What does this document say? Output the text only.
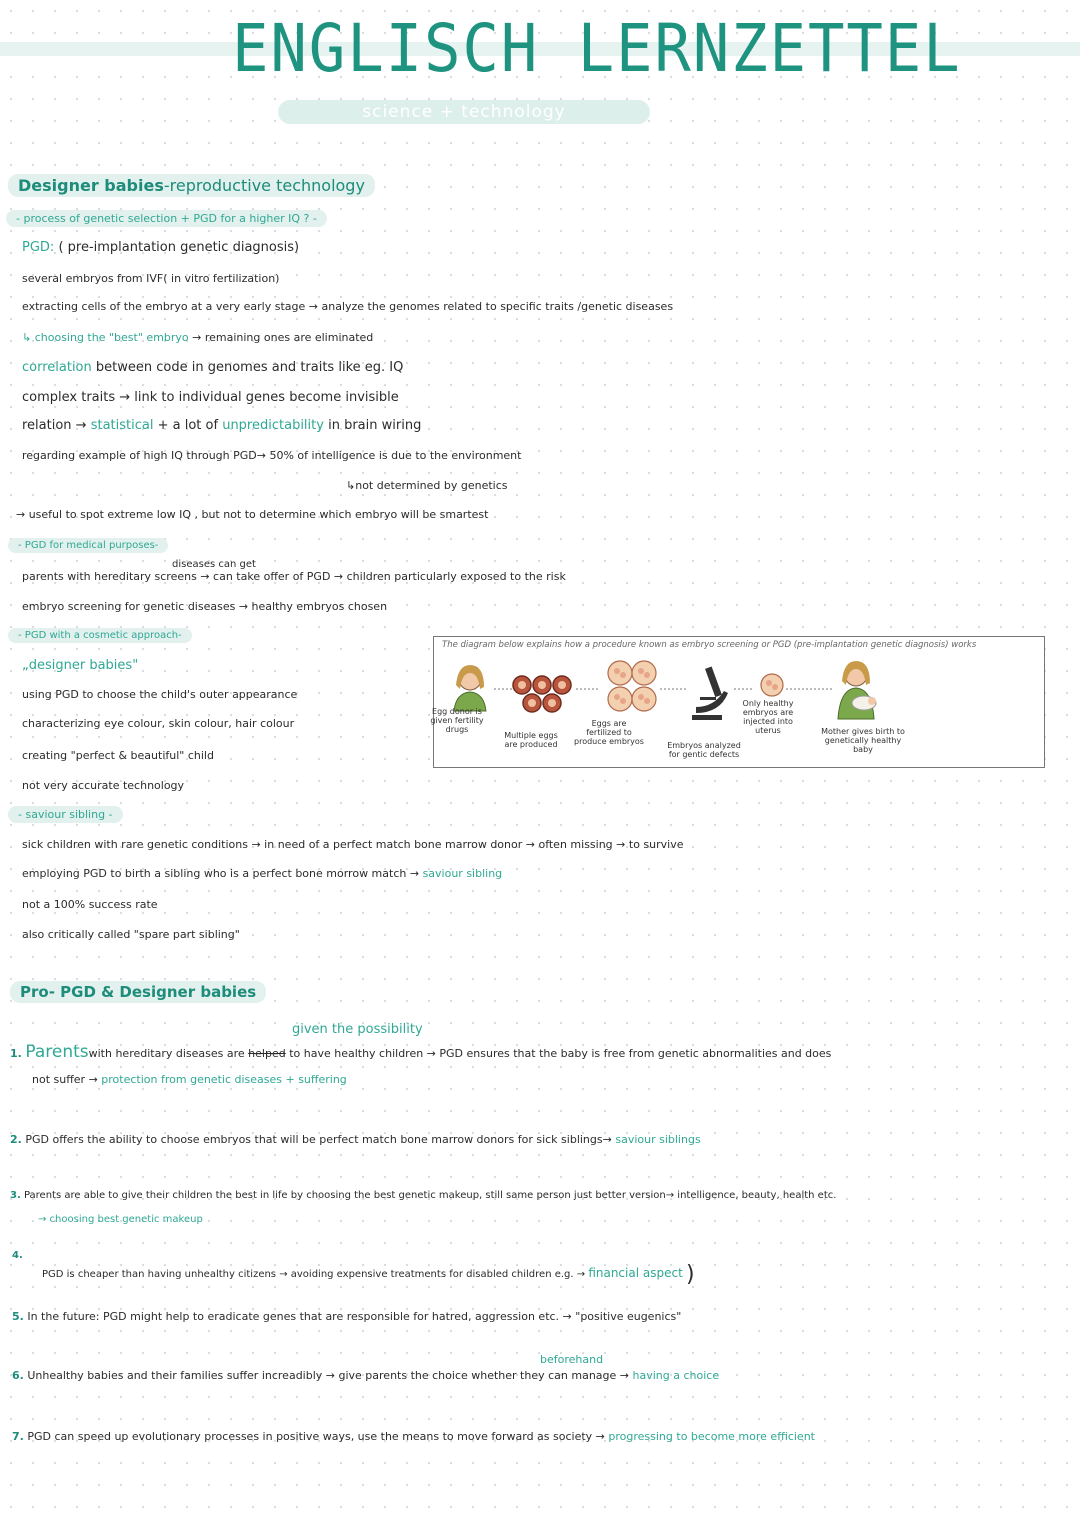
ENGLISCH LERNZETTEL
science + technology
Designer babies-reproductive technology
- process of genetic selection + PGD for a higher IQ ? -
PGD: ( pre-implantation genetic diagnosis)
several embryos from IVF( in vitro fertilization)
extracting cells of the embryo at a very early stage → analyze the genomes related to specific traits /genetic diseases
↳ choosing the "best" embryo → remaining ones are eliminated
correlation between code in genomes and traits like eg. IQ
complex traits → link to individual genes become invisible
relation → statistical + a lot of unpredictability in brain wiring
regarding example of high IQ through PGD→ 50% of intelligence is due to the environment
↳not determined by genetics
→ useful to spot extreme low IQ , but not to determine which embryo will be smartest
- PGD for medical purposes-
diseases can get
parents with hereditary screens → can take offer of PGD → children particularly exposed to the risk
embryo screening for genetic diseases → healthy embryos chosen
- PGD with a cosmetic approach-
„designer babies"
using PGD to choose the child's outer appearance
characterizing eye colour, skin colour, hair colour
creating "perfect & beautiful" child
not very accurate technology
- saviour sibling -
sick children with rare genetic conditions → in need of a perfect match bone marrow donor → often missing → to survive
employing PGD to birth a sibling who is a perfect bone morrow match → saviour sibling
not a 100% success rate
also critically called "spare part sibling"
The diagram below explains how a procedure known as embryo screening or PGD (pre-implantation genetic diagnosis) works
Egg donor is given fertility drugs
Multiple eggs are produced
Eggs are fertilized to produce embryos	Embryos analyzed for gentic defects
Only healthy embryos are injected into uterus	Mother gives birth to genetically healthy baby
Pro- PGD & Designer babies
given the possibility
1. Parentswith hereditary diseases are helped to have healthy children → PGD ensures that the baby is free from genetic abnormalities and does
not suffer → protection from genetic diseases + suffering
2. PGD offers the ability to choose embryos that will be perfect match bone marrow donors for sick siblings→ saviour siblings
3. Parents are able to give their children the best in life by choosing the best genetic makeup, still same person just better version→ intelligence, beauty, health etc.
→ choosing best genetic makeup
4.
PGD is cheaper than having unhealthy citizens → avoiding expensive treatments for disabled children e.g. → financial aspect )
5. In the future: PGD might help to eradicate genes that are responsible for hatred, aggression etc. → "positive eugenics"
beforehand
6. Unhealthy babies and their families suffer increadibly → give parents the choice whether they can manage → having a choice
7. PGD can speed up evolutionary processes in positive ways, use the means to move forward as society → progressing to become more efficient
